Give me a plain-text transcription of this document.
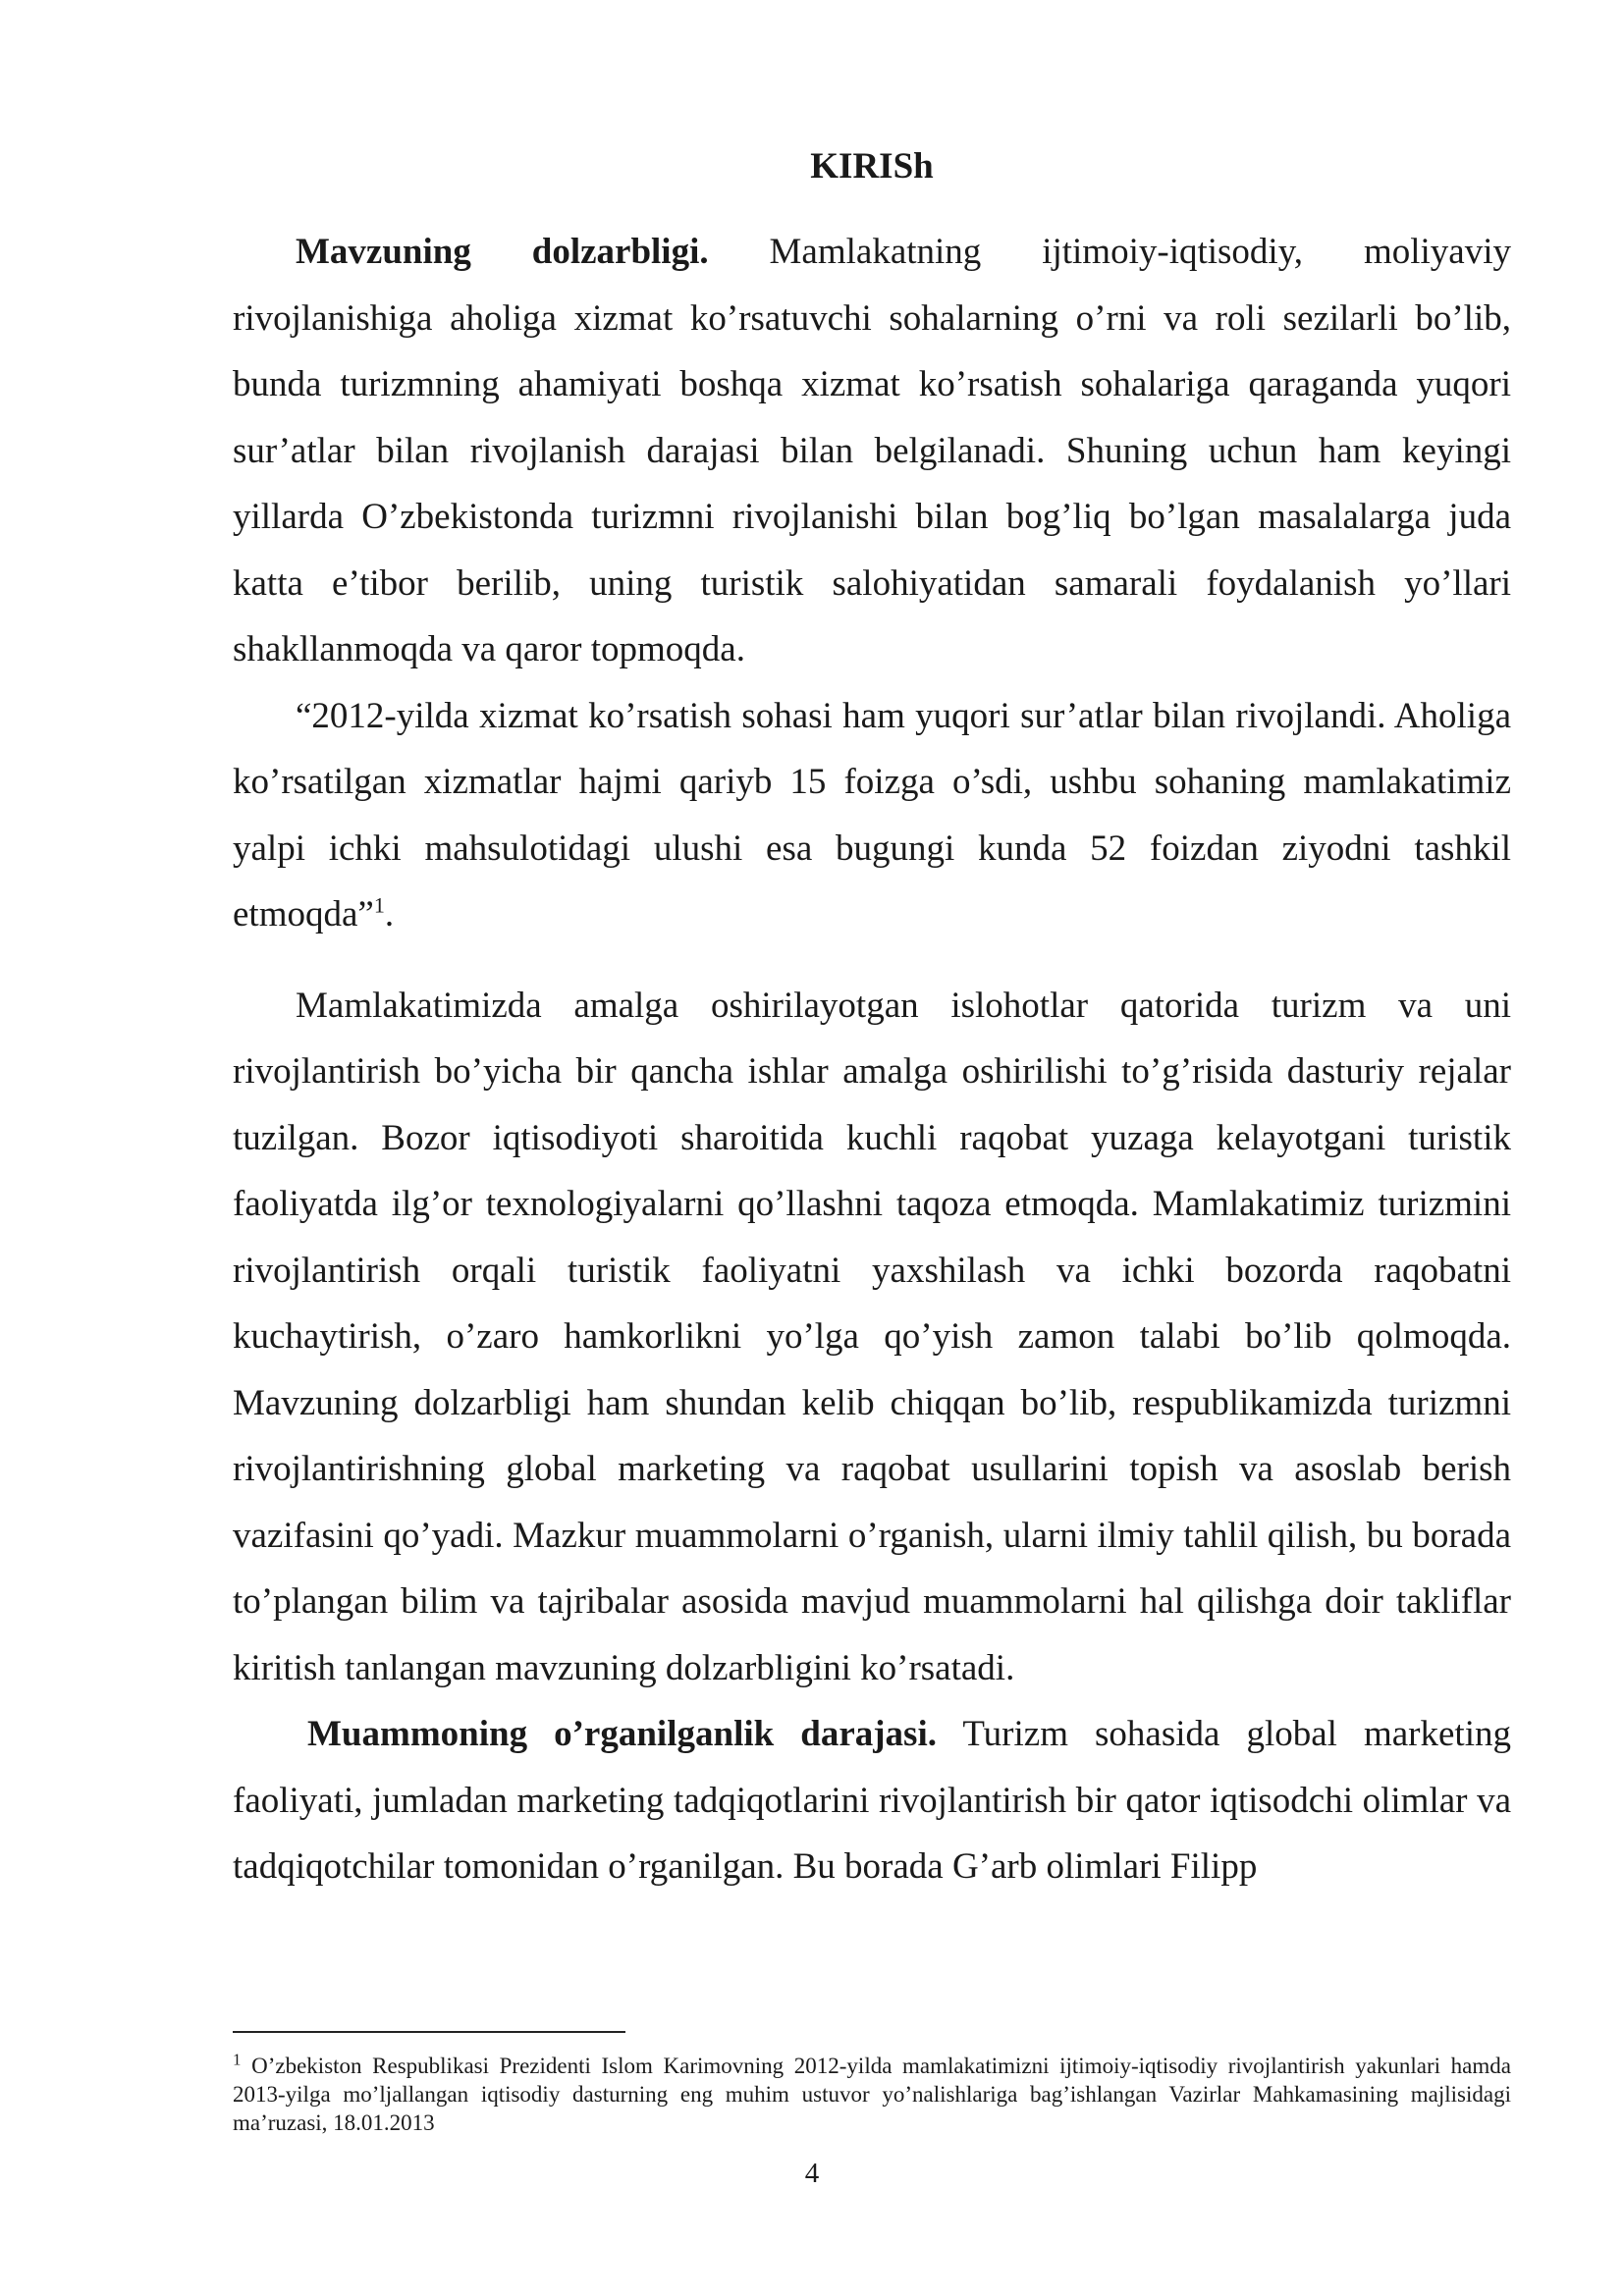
KIRISh

Mavzuning dolzarbligi. Mamlakatning ijtimoiy-iqtisodiy, moliyaviy rivojlanishiga aholiga xizmat ko’rsatuvchi sohalarning o’rni va roli sezilarli bo’lib, bunda turizmning ahamiyati boshqa xizmat ko’rsatish sohalariga qaraganda yuqori sur’atlar bilan rivojlanish darajasi bilan belgilanadi. Shuning uchun ham keyingi yillarda O’zbekistonda turizmni rivojlanishi bilan bog’liq bo’lgan masalalarga juda katta e’tibor berilib, uning turistik salohiyatidan samarali foydalanish yo’llari shakllanmoqda va qaror topmoqda.

“2012-yilda xizmat ko’rsatish sohasi ham yuqori sur’atlar bilan rivojlandi. Aholiga ko’rsatilgan xizmatlar hajmi qariyb 15 foizga o’sdi, ushbu sohaning mamlakatimiz yalpi ichki mahsulotidagi ulushi esa bugungi kunda 52 foizdan ziyodni tashkil etmoqda”$^1$.

Mamlakatimizda amalga oshirilayotgan islohotlar qatorida turizm va uni rivojlantirish bo’yicha bir qancha ishlar amalga oshirilishi to’g’risida dasturiy rejalar tuzilgan. Bozor iqtisodiyoti sharoitida kuchli raqobat yuzaga kelayotgani turistik faoliyatda ilg’or texnologiyalarni qo’llashni taqoza etmoqda. Mamlakatimiz turizmini rivojlantirish orqali turistik faoliyatni yaxshilash va ichki bozorda raqobatni kuchaytirish, o’zaro hamkorlikni yo’lga qo’yish zamon talabi bo’lib qolmoqda. Mavzuning dolzarbligi ham shundan kelib chiqqan bo’lib, respublikamizda turizmni rivojlantirishning global marketing va raqobat usullarini topish va asoslab berish vazifasini qo’yadi. Mazkur muammolarni o’rganish, ularni ilmiy tahlil qilish, bu borada to’plangan bilim va tajribalar asosida mavjud muammolarni hal qilishga doir takliflar kiritish tanlangan mavzuning dolzarbligini ko’rsatadi.

Muammoning o’rganilganlik darajasi. Turizm sohasida global marketing faoliyati, jumladan marketing tadqiqotlarini rivojlantirish bir qator iqtisodchi olimlar va tadqiqotchilar tomonidan o’rganilgan. Bu borada G’arb olimlari Filipp

$^1$ O’zbekiston Respublikasi Prezidenti Islom Karimovning 2012-yilda mamlakatimizni ijtimoiy-iqtisodiy rivojlantirish yakunlari hamda 2013-yilga mo’ljallangan iqtisodiy dasturning eng muhim ustuvor yo’nalishlariga bag’ishlangan Vazirlar Mahkamasining majlisidagi ma’ruzasi, 18.01.2013

4
